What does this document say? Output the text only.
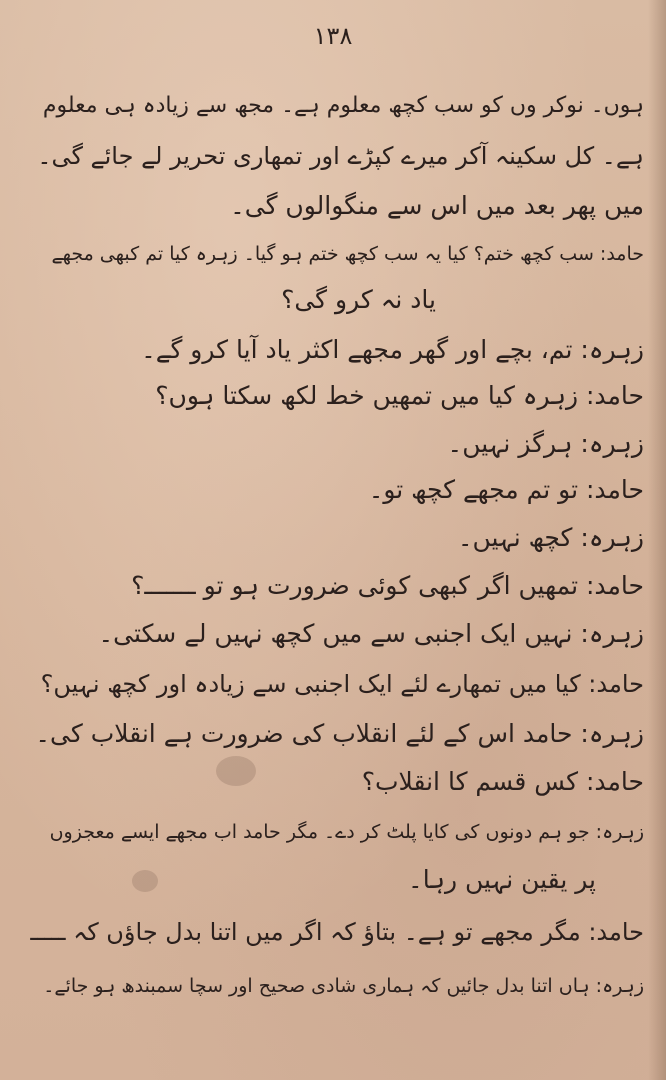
۱۳۸
ہوں۔ نوکر وں کو سب کچھ معلوم ہے۔ مجھ سے زیادہ ہی معلوم
ہے۔ کل سکینہ آکر میرے کپڑے اور تمھاری تحریر لے جائے گی۔
میں پھر بعد میں اس سے منگوالوں گی۔
حامد: سب کچھ ختم؟ کیا یہ سب کچھ ختم ہو گیا۔ زہرہ کیا تم کبھی مجھے
یاد نہ کرو گی؟
زہرہ: تم، بچے اور گھر مجھے اکثر یاد آیا کرو گے۔
حامد: زہرہ کیا میں تمھیں خط لکھ سکتا ہوں؟
زہرہ: ہرگز نہیں۔
حامد: تو تم مجھے کچھ تو۔
زہرہ: کچھ نہیں۔
حامد: تمھیں اگر کبھی کوئی ضرورت ہو تو ـــــــ؟
زہرہ: نہیں ایک اجنبی سے میں کچھ نہیں لے سکتی۔
حامد: کیا میں تمھارے لئے ایک اجنبی سے زیادہ اور کچھ نہیں؟
زہرہ: حامد اس کے لئے انقلاب کی ضرورت ہے انقلاب کی۔
حامد: کس قسم کا انقلاب؟
زہرہ: جو ہم دونوں کی کایا پلٹ کر دے۔ مگر حامد اب مجھے ایسے معجزوں
پر یقین نہیں رہا۔
حامد: مگر مجھے تو ہے۔ بتاؤ کہ اگر میں اتنا بدل جاؤں کہ ـــــ
زہرہ: ہاں اتنا بدل جائیں کہ ہماری شادی صحیح اور سچا سمبندھ ہو جائے۔
